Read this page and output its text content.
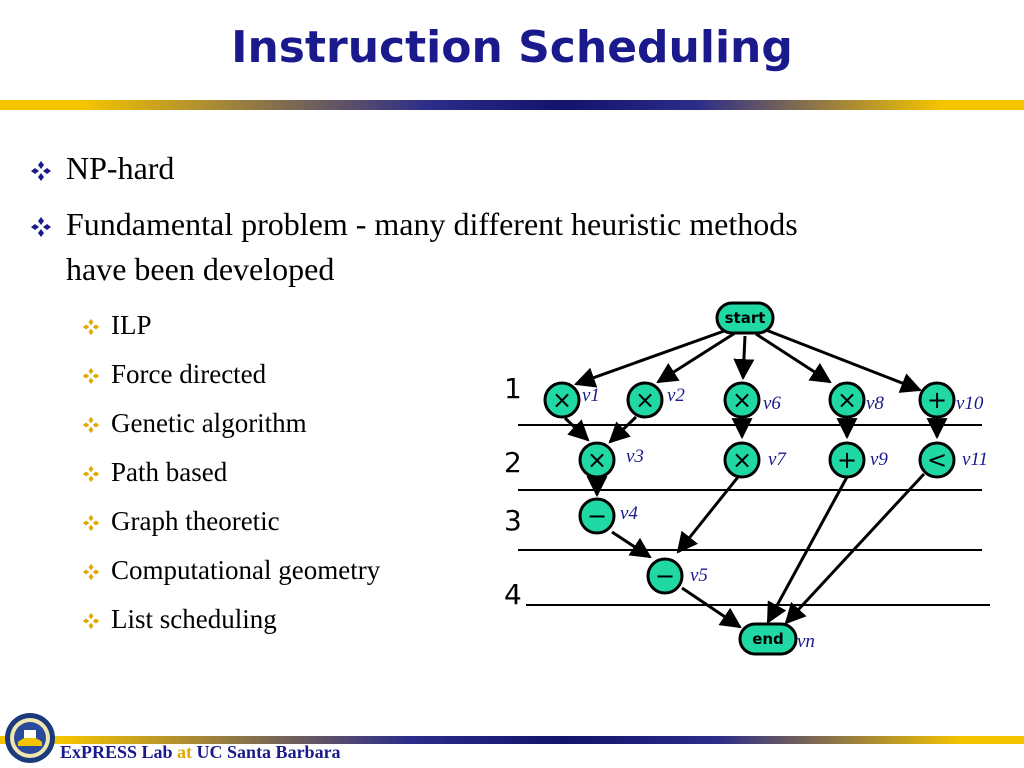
Instruction Scheduling
NP-hard
Fundamental problem - many different heuristic methods
have been developed
ILP
Force directed
Genetic algorithm
Path based
Graph theoretic
Computational geometry
List scheduling
1
2
3
4
start
end
×	×	×	×	+
×	×	+	<
−
−
v1	v2	v6	v8	v10
v3	v7	v9	v11
v4
v5
vn
ExPRESS Lab at UC Santa Barbara
